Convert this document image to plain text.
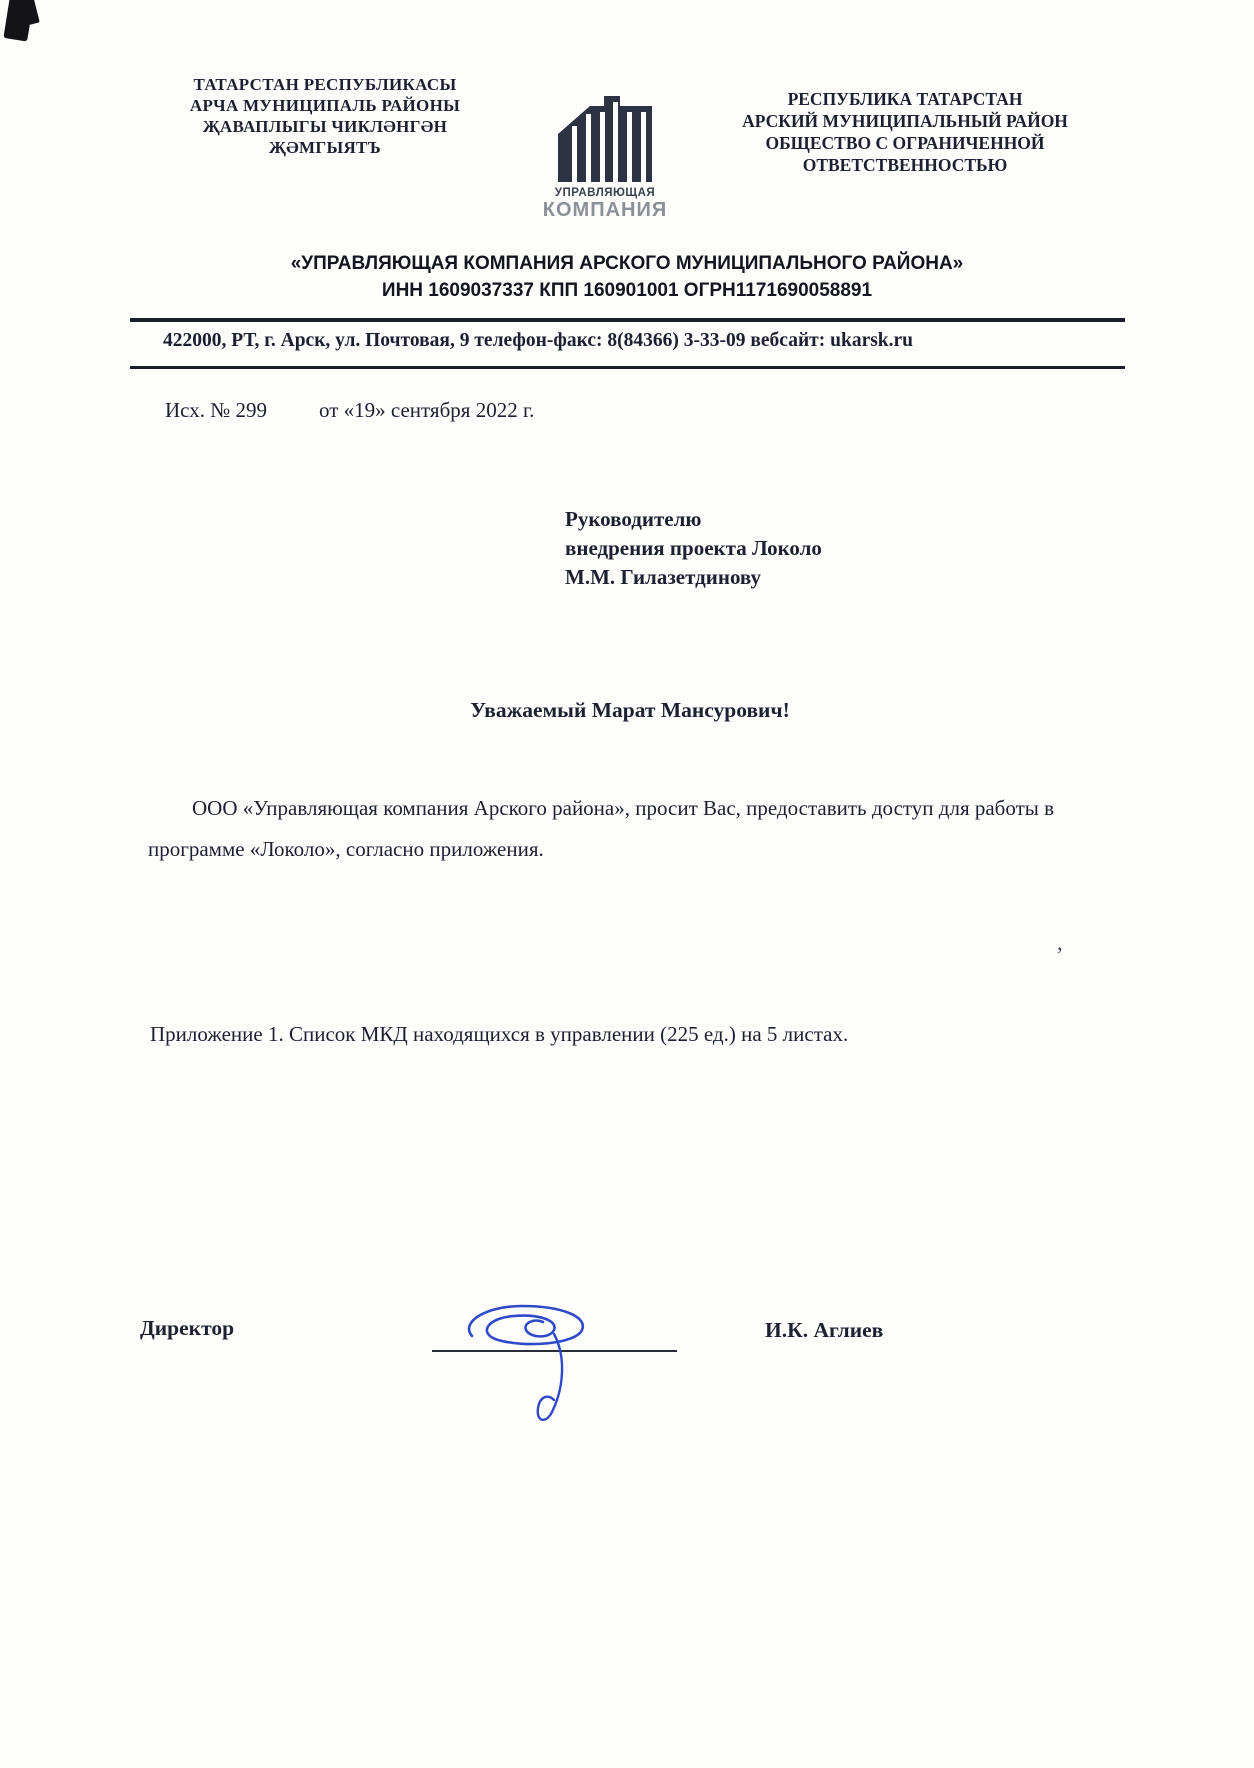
ТАТАРСТАН РЕСПУБЛИКАСЫ
АРЧА МУНИЦИПАЛЬ РАЙОНЫ
ҖАВАПЛЫГЫ ЧИКЛӘНГӘН
ҖӘМГЫЯТЪ
УПРАВЛЯЮЩАЯ
КОМПАНИЯ
РЕСПУБЛИКА ТАТАРСТАН
АРСКИЙ МУНИЦИПАЛЬНЫЙ РАЙОН
ОБЩЕСТВО С ОГРАНИЧЕННОЙ
ОТВЕТСТВЕННОСТЬЮ
«УПРАВЛЯЮЩАЯ КОМПАНИЯ АРСКОГО МУНИЦИПАЛЬНОГО РАЙОНА»
ИНН 1609037337 КПП 160901001 ОГРН1171690058891
422000, РТ, г. Арск, ул. Почтовая, 9 телефон-факс: 8(84366) 3-33-09 вебсайт: ukarsk.ru
Исх. № 299 от «19» сентября 2022 г.
Руководителю
внедрения проекта Локоло
М.М. Гилазетдинову
Уважаемый Марат Мансурович!
ООО «Управляющая компания Арского района», просит Вас, предоставить доступ для работы в программе «Локоло», согласно приложения.
’
Приложение 1. Список МКД находящихся в управлении (225 ед.) на 5 листах.
Директор	И.К. Аглиев
